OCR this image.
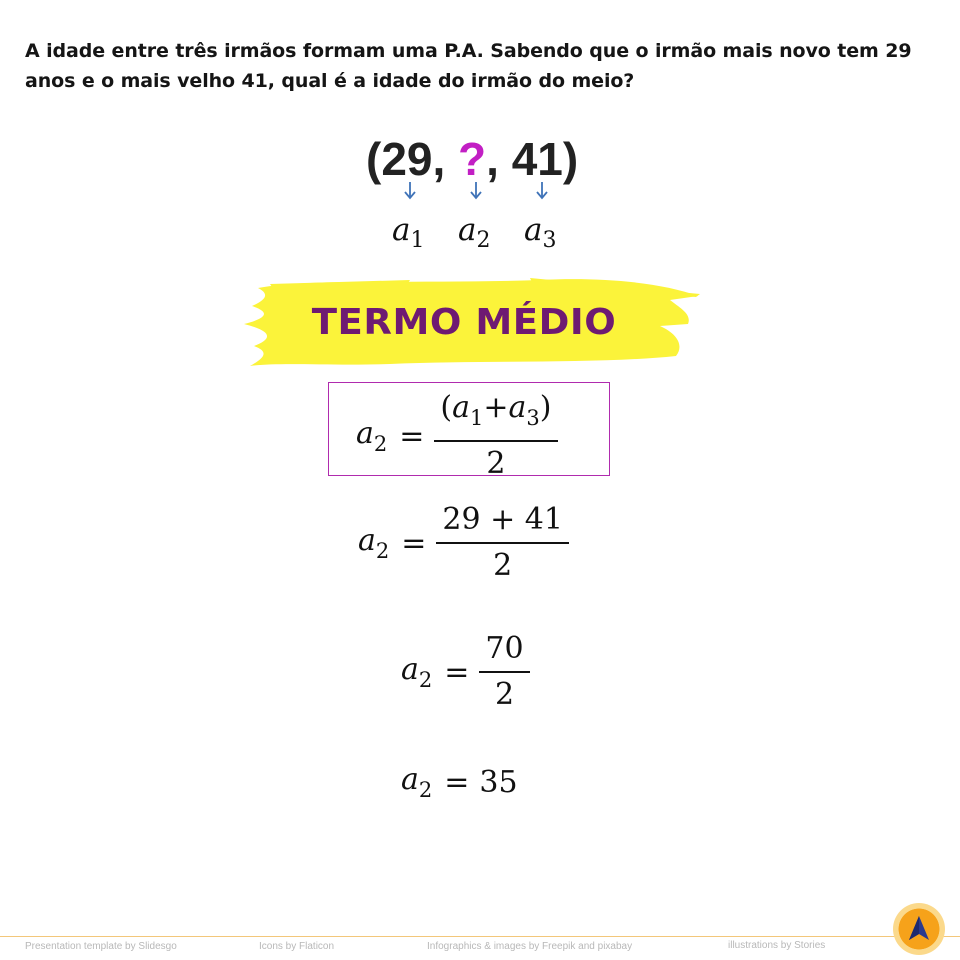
A idade entre três irmãos formam uma P.A. Sabendo que o irmão mais novo tem 29 anos e o mais velho 41, qual é a idade do irmão do meio?
(29, ?, 41)
$a_1$ $a_2$ $a_3$
TERMO MÉDIO
$a_2 = \frac{(a_1+a_3)}{2}$
$a_2 = \frac{29 + 41}{2}$
$a_2 = \frac{70}{2}$
$a_2 = 35$
Presentation template by Slidesgo	Icons by Flaticon	Infographics & images by Freepik and pixabay	illustrations by Stories
